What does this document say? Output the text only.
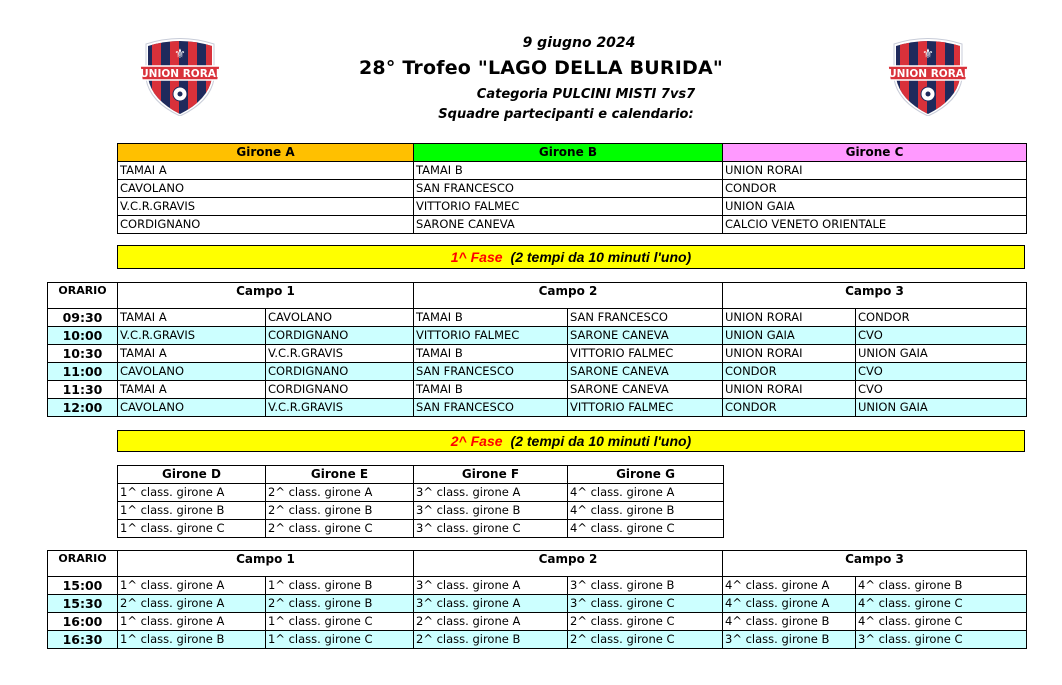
⚜
UNION RORAI
⚜
UNION RORAI
9 giugno 2024
28° Trofeo "LAGO DELLA BURIDA"
Categoria PULCINI MISTI 7vs7
Squadre partecipanti e calendario:
Girone A	Girone B	Girone C
TAMAI A	TAMAI B	UNION RORAI
CAVOLANO	SAN FRANCESCO	CONDOR
V.C.R.GRAVIS	VITTORIO FALMEC	UNION GAIA
CORDIGNANO	SARONE CANEVA	CALCIO VENETO ORIENTALE
1^ Fase (2 tempi da 10 minuti l'uno)
ORARIO	Campo 1		Campo 2		Campo 3	
09:30	TAMAI A	CAVOLANO	TAMAI B	SAN FRANCESCO	UNION RORAI	CONDOR
10:00	V.C.R.GRAVIS	CORDIGNANO	VITTORIO FALMEC	SARONE CANEVA	UNION GAIA	CVO
10:30	TAMAI A	V.C.R.GRAVIS	TAMAI B	VITTORIO FALMEC	UNION RORAI	UNION GAIA
11:00	CAVOLANO	CORDIGNANO	SAN FRANCESCO	SARONE CANEVA	CONDOR	CVO
11:30	TAMAI A	CORDIGNANO	TAMAI B	SARONE CANEVA	UNION RORAI	CVO
12:00	CAVOLANO	V.C.R.GRAVIS	SAN FRANCESCO	VITTORIO FALMEC	CONDOR	UNION GAIA
2^ Fase (2 tempi da 10 minuti l'uno)
Girone D	Girone E	Girone F	Girone G
1^ class. girone A	2^ class. girone A	3^ class. girone A	4^ class. girone A
1^ class. girone B	2^ class. girone B	3^ class. girone B	4^ class. girone B
1^ class. girone C	2^ class. girone C	3^ class. girone C	4^ class. girone C
ORARIO	Campo 1		Campo 2		Campo 3	
15:00	1^ class. girone A	1^ class. girone B	3^ class. girone A	3^ class. girone B	4^ class. girone A	4^ class. girone B
15:30	2^ class. girone A	2^ class. girone B	3^ class. girone A	3^ class. girone C	4^ class. girone A	4^ class. girone C
16:00	1^ class. girone A	1^ class. girone C	2^ class. girone A	2^ class. girone C	4^ class. girone B	4^ class. girone C
16:30	1^ class. girone B	1^ class. girone C	2^ class. girone B	2^ class. girone C	3^ class. girone B	3^ class. girone C
